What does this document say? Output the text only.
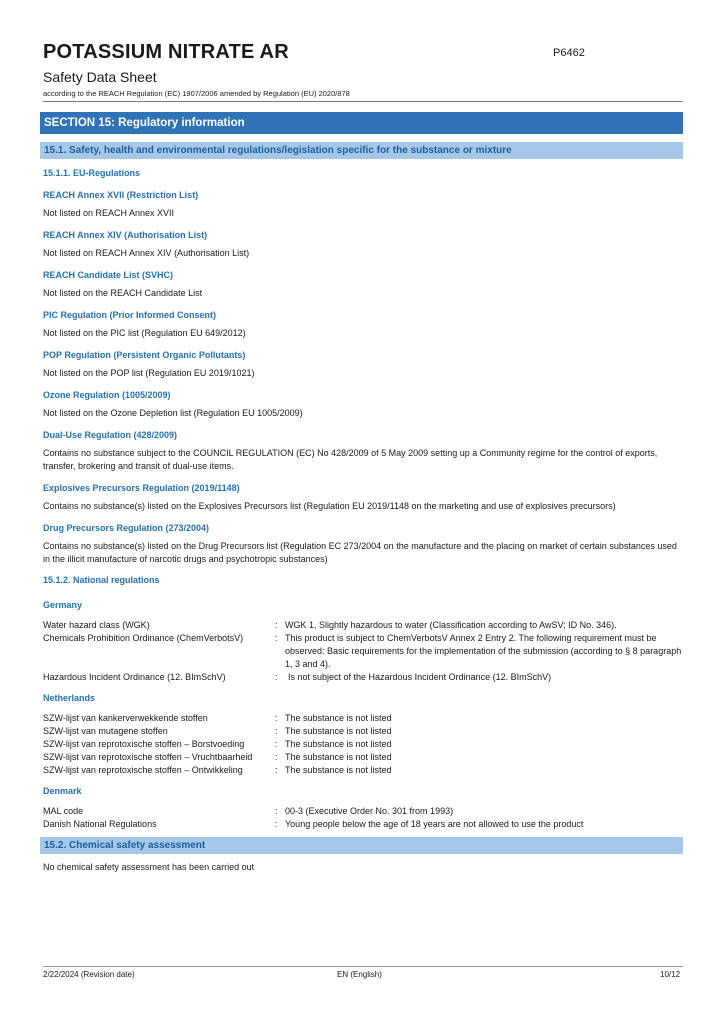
POTASSIUM NITRATE AR	P6462
Safety Data Sheet
according to the REACH Regulation (EC) 1907/2006 amended by Regulation (EU) 2020/878
SECTION 15: Regulatory information
15.1. Safety, health and environmental regulations/legislation specific for the substance or mixture
15.1.1. EU-Regulations
REACH Annex XVII (Restriction List)
Not listed on REACH Annex XVII
REACH Annex XIV (Authorisation List)
Not listed on REACH Annex XIV (Authorisation List)
REACH Candidate List (SVHC)
Not listed on the REACH Candidate List
PIC Regulation (Prior Informed Consent)
Not listed on the PIC list (Regulation EU 649/2012)
POP Regulation (Persistent Organic Pollutants)
Not listed on the POP list (Regulation EU 2019/1021)
Ozone Regulation (1005/2009)
Not listed on the Ozone Depletion list (Regulation EU 1005/2009)
Dual-Use Regulation (428/2009)
Contains no substance subject to the COUNCIL REGULATION (EC) No 428/2009 of 5 May 2009 setting up a Community regime for the control of exports, transfer, brokering and transit of dual-use items.
Explosives Precursors Regulation (2019/1148)
Contains no substance(s) listed on the Explosives Precursors list (Regulation EU 2019/1148 on the marketing and use of explosives precursors)
Drug Precursors Regulation (273/2004)
Contains no substance(s) listed on the Drug Precursors list (Regulation EC 273/2004 on the manufacture and the placing on market of certain substances used in the illicit manufacture of narcotic drugs and psychotropic substances)
15.1.2. National regulations
Germany
Water hazard class (WGK)	: WGK 1, Slightly hazardous to water (Classification according to AwSV; ID No. 346).
Chemicals Prohibition Ordinance (ChemVerbotsV)	: This product is subject to ChemVerbotsV Annex 2 Entry 2. The following requirement must be observed: Basic requirements for the implementation of the submission (according to § 8 paragraph 1, 3 and 4).
Hazardous Incident Ordinance (12. BImSchV)	:	Is not subject of the Hazardous Incident Ordinance (12. BImSchV)
Netherlands
SZW-lijst van kankerverwekkende stoffen	: The substance is not listed
SZW-lijst van mutagene stoffen	: The substance is not listed
SZW-lijst van reprotoxische stoffen – Borstvoeding	: The substance is not listed
SZW-lijst van reprotoxische stoffen – Vruchtbaarheid	: The substance is not listed
SZW-lijst van reprotoxische stoffen – Ontwikkeling	: The substance is not listed
Denmark
MAL code	: 00-3 (Executive Order No. 301 from 1993)
Danish National Regulations	: Young people below the age of 18 years are not allowed to use the product
15.2. Chemical safety assessment
No chemical safety assessment has been carried out
2/22/2024 (Revision date)	EN (English)	10/12
